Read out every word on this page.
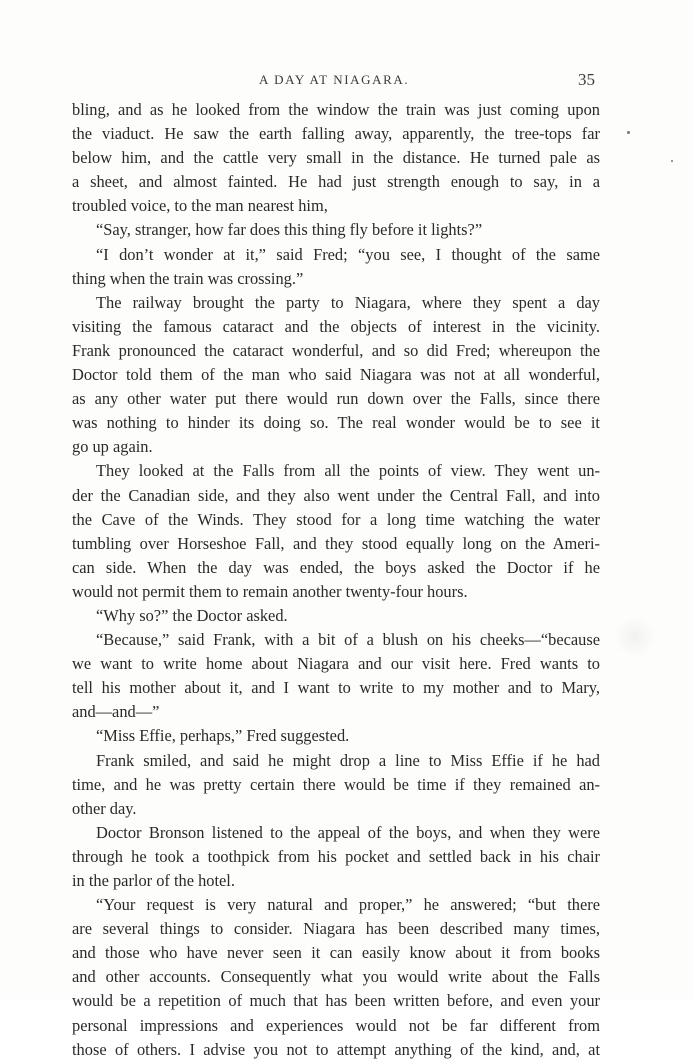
A DAY AT NIAGARA.	35
bling, and as he looked from the window the train was just coming upon
the viaduct. He saw the earth falling away, apparently, the tree-tops far
below him, and the cattle very small in the distance. He turned pale as
a sheet, and almost fainted. He had just strength enough to say, in a
troubled voice, to the man nearest him,
“Say, stranger, how far does this thing fly before it lights?”
“I don’t wonder at it,” said Fred; “you see, I thought of the same
thing when the train was crossing.”
The railway brought the party to Niagara, where they spent a day
visiting the famous cataract and the objects of interest in the vicinity.
Frank pronounced the cataract wonderful, and so did Fred; whereupon the
Doctor told them of the man who said Niagara was not at all wonderful,
as any other water put there would run down over the Falls, since there
was nothing to hinder its doing so. The real wonder would be to see it
go up again.
They looked at the Falls from all the points of view. They went un-
der the Canadian side, and they also went under the Central Fall, and into
the Cave of the Winds. They stood for a long time watching the water
tumbling over Horseshoe Fall, and they stood equally long on the Ameri-
can side. When the day was ended, the boys asked the Doctor if he
would not permit them to remain another twenty-four hours.
“Why so?” the Doctor asked.
“Because,” said Frank, with a bit of a blush on his cheeks—“because
we want to write home about Niagara and our visit here. Fred wants to
tell his mother about it, and I want to write to my mother and to Mary,
and—and—”
“Miss Effie, perhaps,” Fred suggested.
Frank smiled, and said he might drop a line to Miss Effie if he had
time, and he was pretty certain there would be time if they remained an-
other day.
Doctor Bronson listened to the appeal of the boys, and when they were
through he took a toothpick from his pocket and settled back in his chair
in the parlor of the hotel.
“Your request is very natural and proper,” he answered; “but there
are several things to consider. Niagara has been described many times,
and those who have never seen it can easily know about it from books
and other accounts. Consequently what you would write about the Falls
would be a repetition of much that has been written before, and even your
personal impressions and experiences would not be far different from
those of others. I advise you not to attempt anything of the kind, and, at
